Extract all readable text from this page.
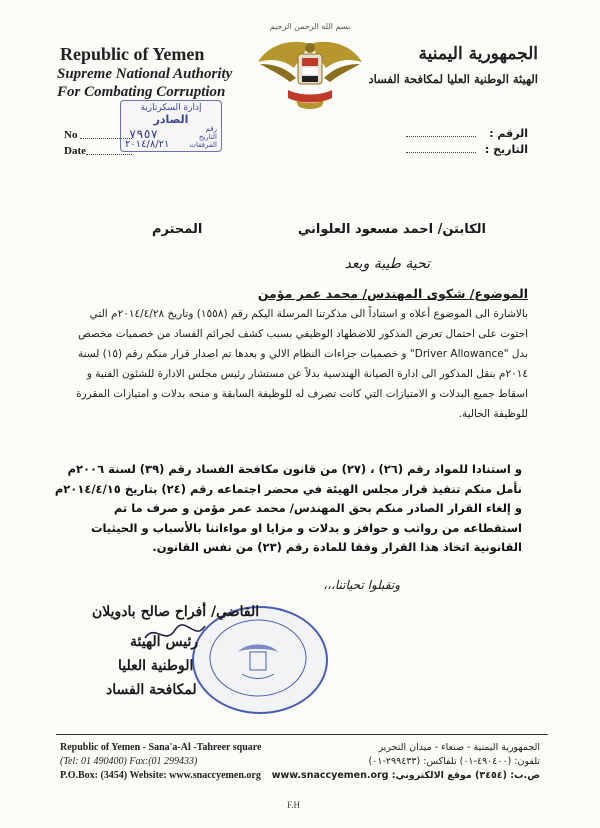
Republic of Yemen
Supreme National Authority
For Combating Corruption
الجمهورية اليمنية
الهيئة الوطنية العليا لمكافحة الفساد
بسم الله الرحمن الرحيم
No
Date
إدارة السكرتارية
الصادر
رقم
التاريخ
المرفقات
٧٩٥٧
٢٠١٤/٨/٢١
الرقم :
التاريخ :
الكابتن/ احمد مسعود العلواني
المحترم
تحية طيبة وبعد
الموضوع/ شكوى المهندس/ محمد عمر مؤمن
بالاشارة الى الموضوع أعلاه و استناداً الى مذكرتنا المرسلة اليكم رقم (١٥٥٨) وتاريخ ٢٠١٤/٤/٢٨م التي احتوت على احتمال تعرض المذكور للاضطهاد الوظيفي بسبب كشف لجرائم الفساد من خصميات مخصص بدل "Driver Allowance" و خصميات جزاءات النظام الالي و بعدها تم اصدار قرار منكم رقم (١٥) لسنة ٢٠١٤م بنقل المذكور الى ادارة الصيانة الهندسية بدلاً عن مستشار رئيس مجلس الادارة للشئون الفنية و اسقاط جميع البدلات و الامتيازات التي كانت تصرف له للوظيفة السابقة و منحه بدلات و امتيازات المقررة للوظيفة الحالية.
و استنادا للمواد رقم (٢٦) ، (٢٧) من قانون مكافحة الفساد رقم (٣٩) لسنة ٢٠٠٦م نأمل منكم تنفيذ قرار مجلس الهيئة في محضر اجتماعه رقم (٢٤) بتاريخ ٢٠١٤/٤/١٥م و إلغاء القرار الصادر منكم بحق المهندس/ محمد عمر مؤمن و صرف ما تم استقطاعه من رواتب و حوافز و بدلات و مزايا او مواءاتنا بالأسباب و الحيثيات القانونية اتخاذ هذا القرار وفقا للمادة رقم (٢٣) من نفس القانون.
وتقبلوا تحياتنا،،،
القاضي/ أفراح صالح بادويلان
رئيس الهيئة
الوطنية العليا
لمكافحة الفساد
Republic of Yemen - Sana'a-Al -Tahreer square
(Tel: 01 490400) Fax:(01 299433)
P.O.Box: (3454) Website: www.snaccyemen.org
الجمهورية اليمنية - صنعاء - ميدان التحرير
تلفون: (٤٩٠٤٠٠-٠١) تلفاكس: (٢٩٩٤٣٣-٠١)
ص.ب: (٣٤٥٤) موقع الالكتروني: www.snaccyemen.org
F.H
